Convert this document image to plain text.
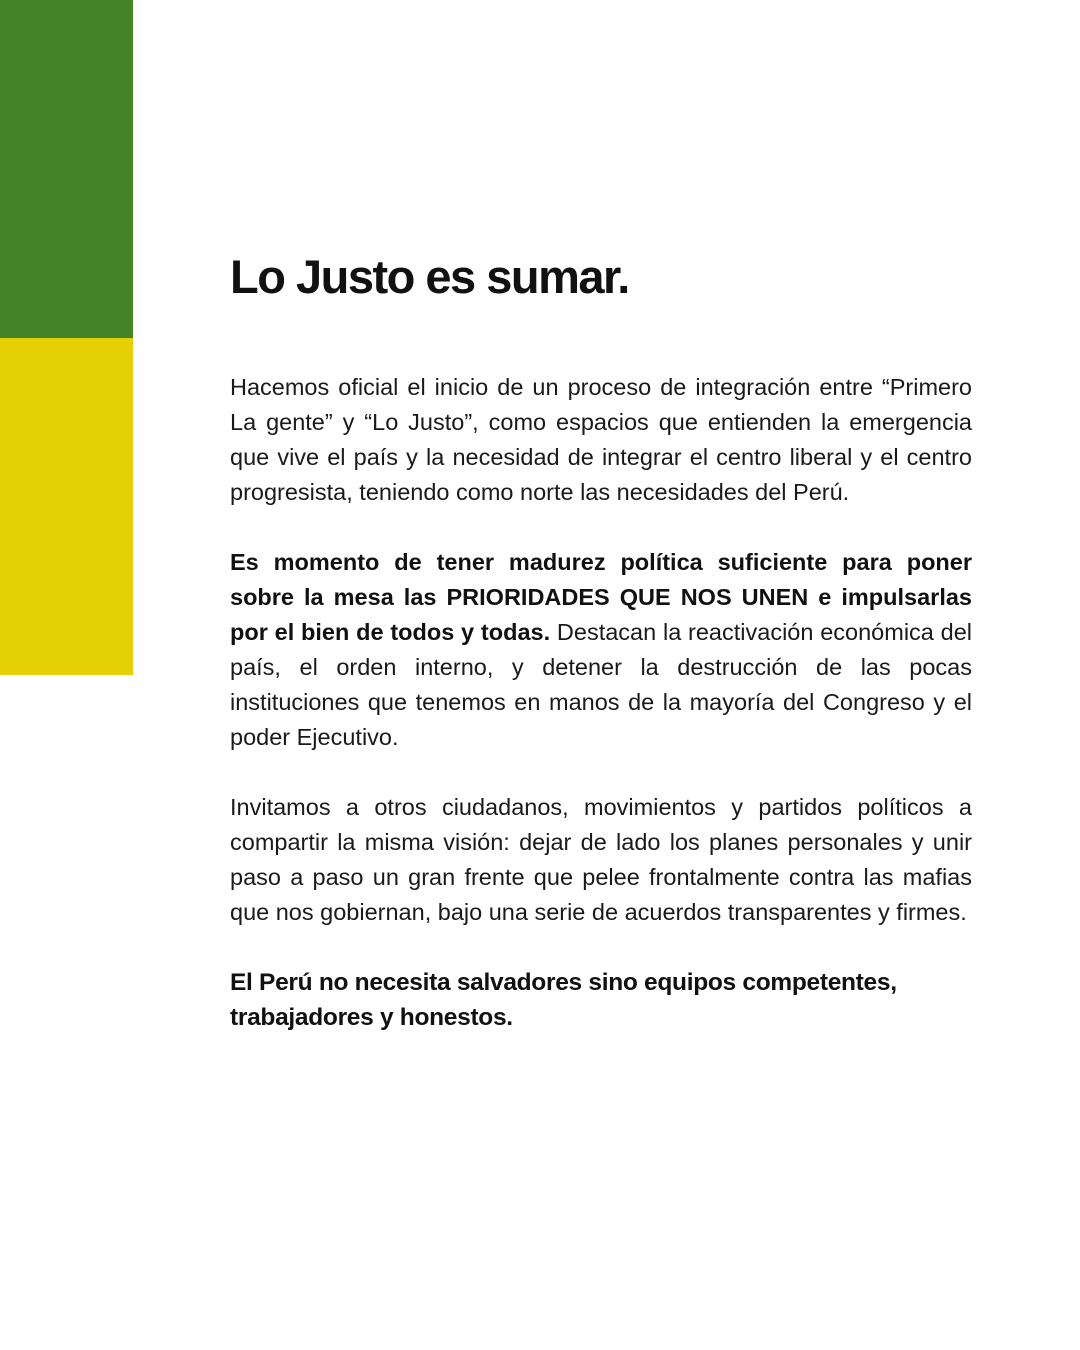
Lo Justo es sumar.

Hacemos oficial el inicio de un proceso de integración entre “Primero La gente” y “Lo Justo”, como espacios que entienden la emergencia que vive el país y la necesidad de integrar el centro liberal y el centro progresista, teniendo como norte las necesidades del Perú.

Es momento de tener madurez política suficiente para poner sobre la mesa las PRIORIDADES QUE NOS UNEN e impulsarlas por el bien de todos y todas. Destacan la reactivación económica del país, el orden interno, y detener la destrucción de las pocas instituciones que tenemos en manos de la mayoría del Congreso y el poder Ejecutivo.

Invitamos a otros ciudadanos, movimientos y partidos políticos a compartir la misma visión: dejar de lado los planes personales y unir paso a paso un gran frente que pelee frontalmente contra las mafias que nos gobiernan, bajo una serie de acuerdos transparentes y firmes.

El Perú no necesita salvadores sino equipos competentes, trabajadores y honestos.
